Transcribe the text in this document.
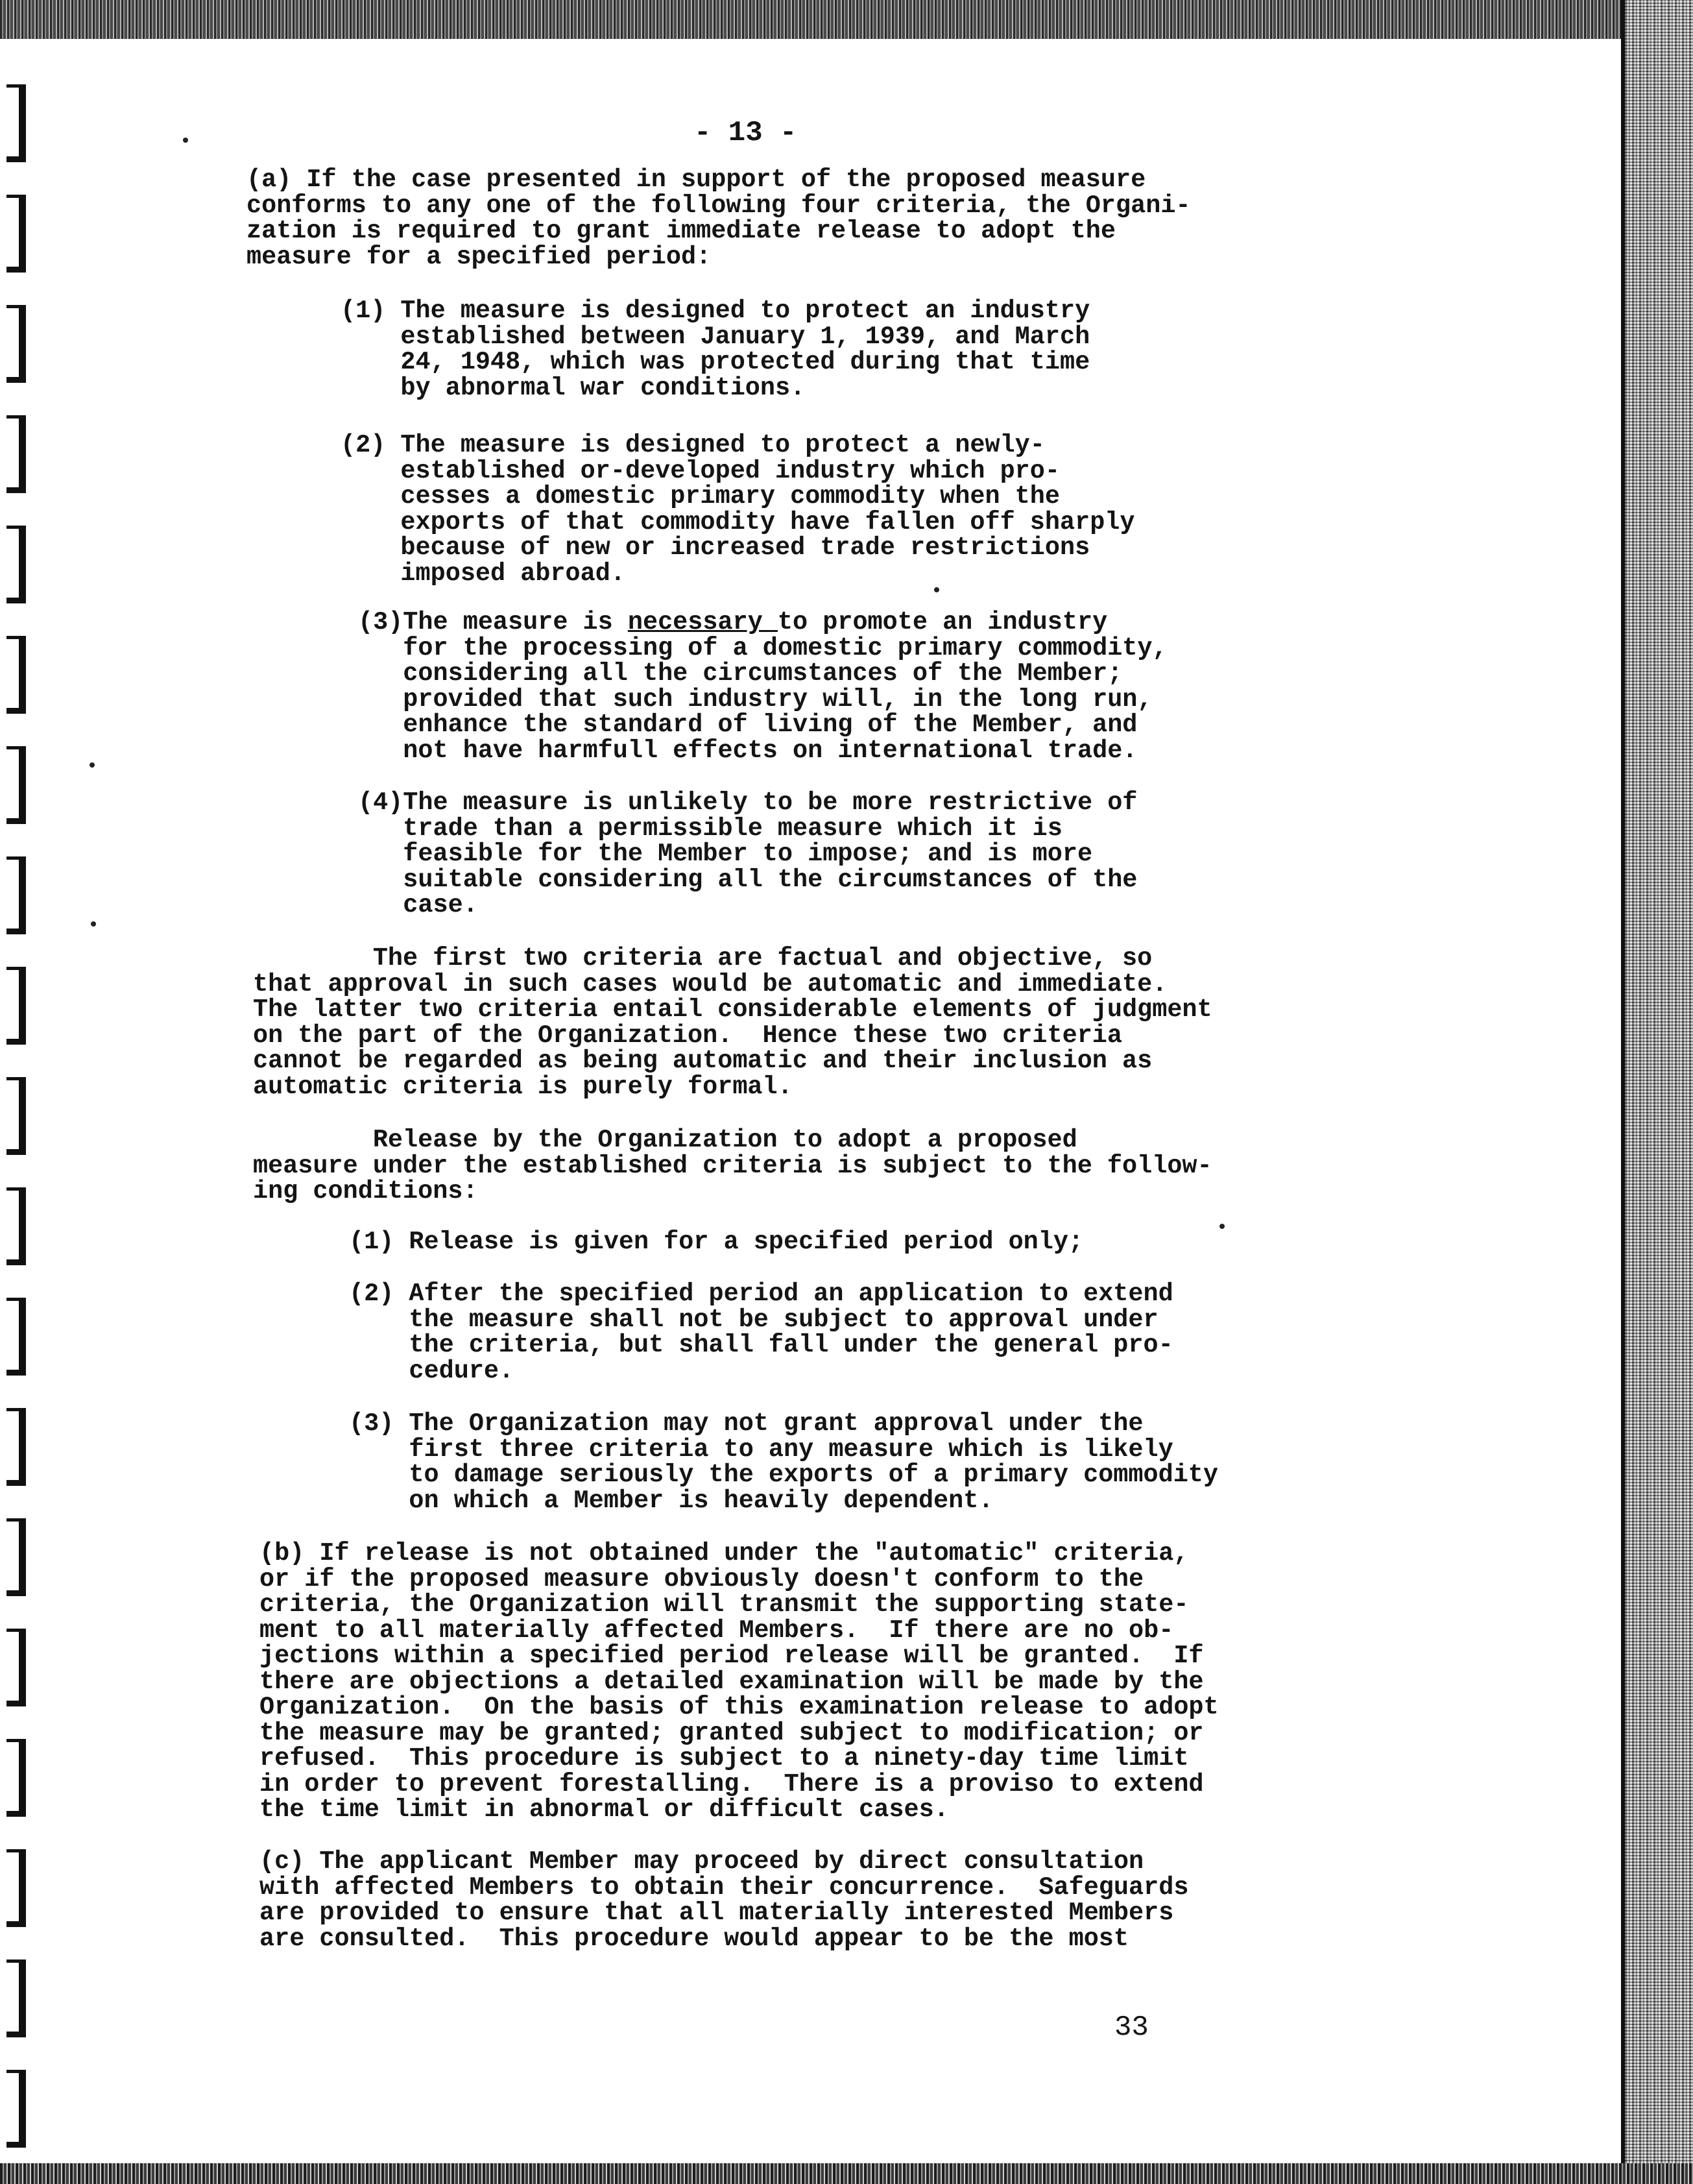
- 13 -

(a) If the case presented in support of the proposed measure
conforms to any one of the following four criteria, the Organi-
zation is required to grant immediate release to adopt the
measure for a specified period:

(1) The measure is designed to protect an industry
established between January 1, 1939, and March
24, 1948, which was protected during that time
by abnormal war conditions.

(2) The measure is designed to protect a newly-
established or-developed industry which pro-
cesses a domestic primary commodity when the
exports of that commodity have fallen off sharply
because of new or increased trade restrictions
imposed abroad.

(3)The measure is necessary to promote an industry
for the processing of a domestic primary commodity,
considering all the circumstances of the Member;
provided that such industry will, in the long run,
enhance the standard of living of the Member, and
not have harmfull effects on international trade.

(4)The measure is unlikely to be more restrictive of
trade than a permissible measure which it is
feasible for the Member to impose; and is more
suitable considering all the circumstances of the
case.

The first two criteria are factual and objective, so
that approval in such cases would be automatic and immediate.
The latter two criteria entail considerable elements of judgment
on the part of the Organization.  Hence these two criteria
cannot be regarded as being automatic and their inclusion as
automatic criteria is purely formal.

Release by the Organization to adopt a proposed
measure under the established criteria is subject to the follow-
ing conditions:

(1) Release is given for a specified period only;

(2) After the specified period an application to extend
the measure shall not be subject to approval under
the criteria, but shall fall under the general pro-
cedure.

(3) The Organization may not grant approval under the
first three criteria to any measure which is likely
to damage seriously the exports of a primary commodity
on which a Member is heavily dependent.

(b) If release is not obtained under the "automatic" criteria,
or if the proposed measure obviously doesn't conform to the
criteria, the Organization will transmit the supporting state-
ment to all materially affected Members.  If there are no ob-
jections within a specified period release will be granted.  If
there are objections a detailed examination will be made by the
Organization.  On the basis of this examination release to adopt
the measure may be granted; granted subject to modification; or
refused.  This procedure is subject to a ninety-day time limit
in order to prevent forestalling.  There is a proviso to extend
the time limit in abnormal or difficult cases.

(c) The applicant Member may proceed by direct consultation
with affected Members to obtain their concurrence.  Safeguards
are provided to ensure that all materially interested Members
are consulted.  This procedure would appear to be the most

33
